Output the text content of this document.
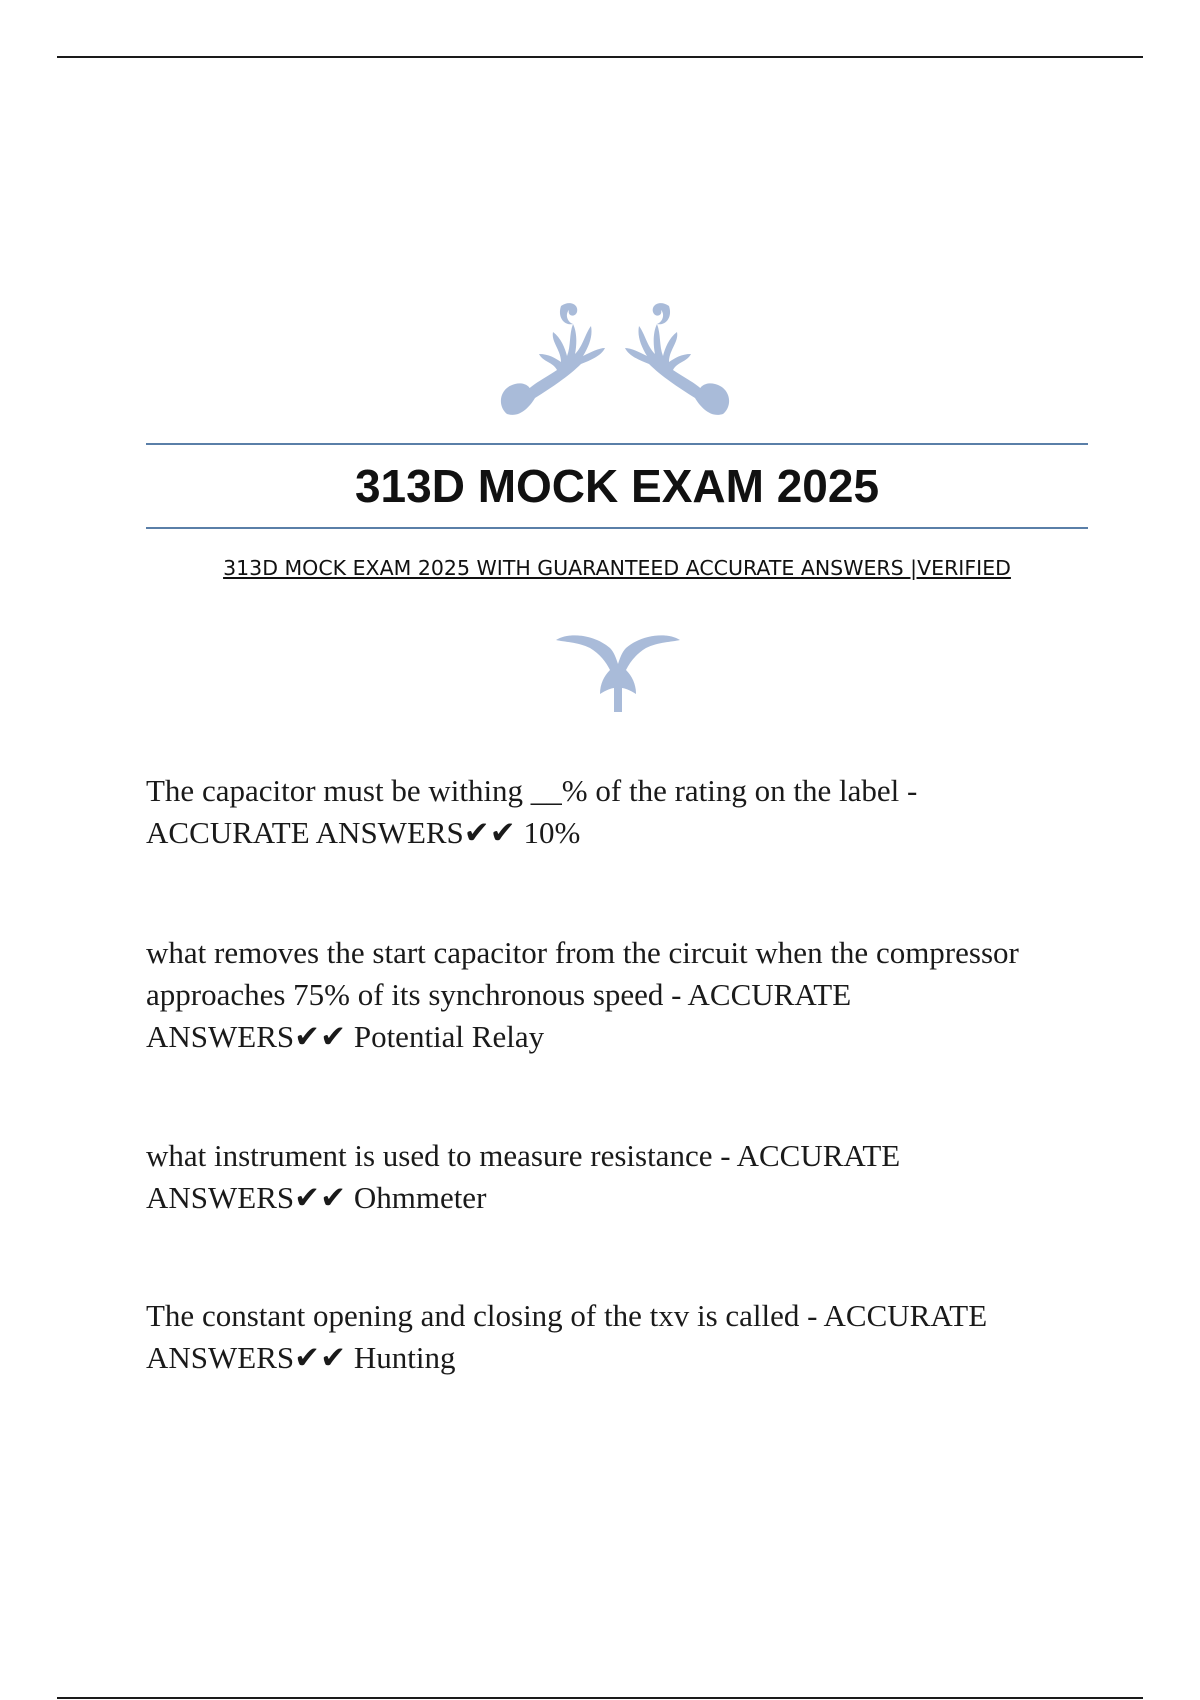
313D MOCK EXAM 2025

313D MOCK EXAM 2025 WITH GUARANTEED ACCURATE ANSWERS |VERIFIED

The capacitor must be withing __% of the rating on the label -
ACCURATE ANSWERS✔✔ 10%
what removes the start capacitor from the circuit when the compressor
approaches 75% of its synchronous speed - ACCURATE
ANSWERS✔✔ Potential Relay
what instrument is used to measure resistance - ACCURATE
ANSWERS✔✔ Ohmmeter
The constant opening and closing of the txv is called - ACCURATE
ANSWERS✔✔ Hunting
